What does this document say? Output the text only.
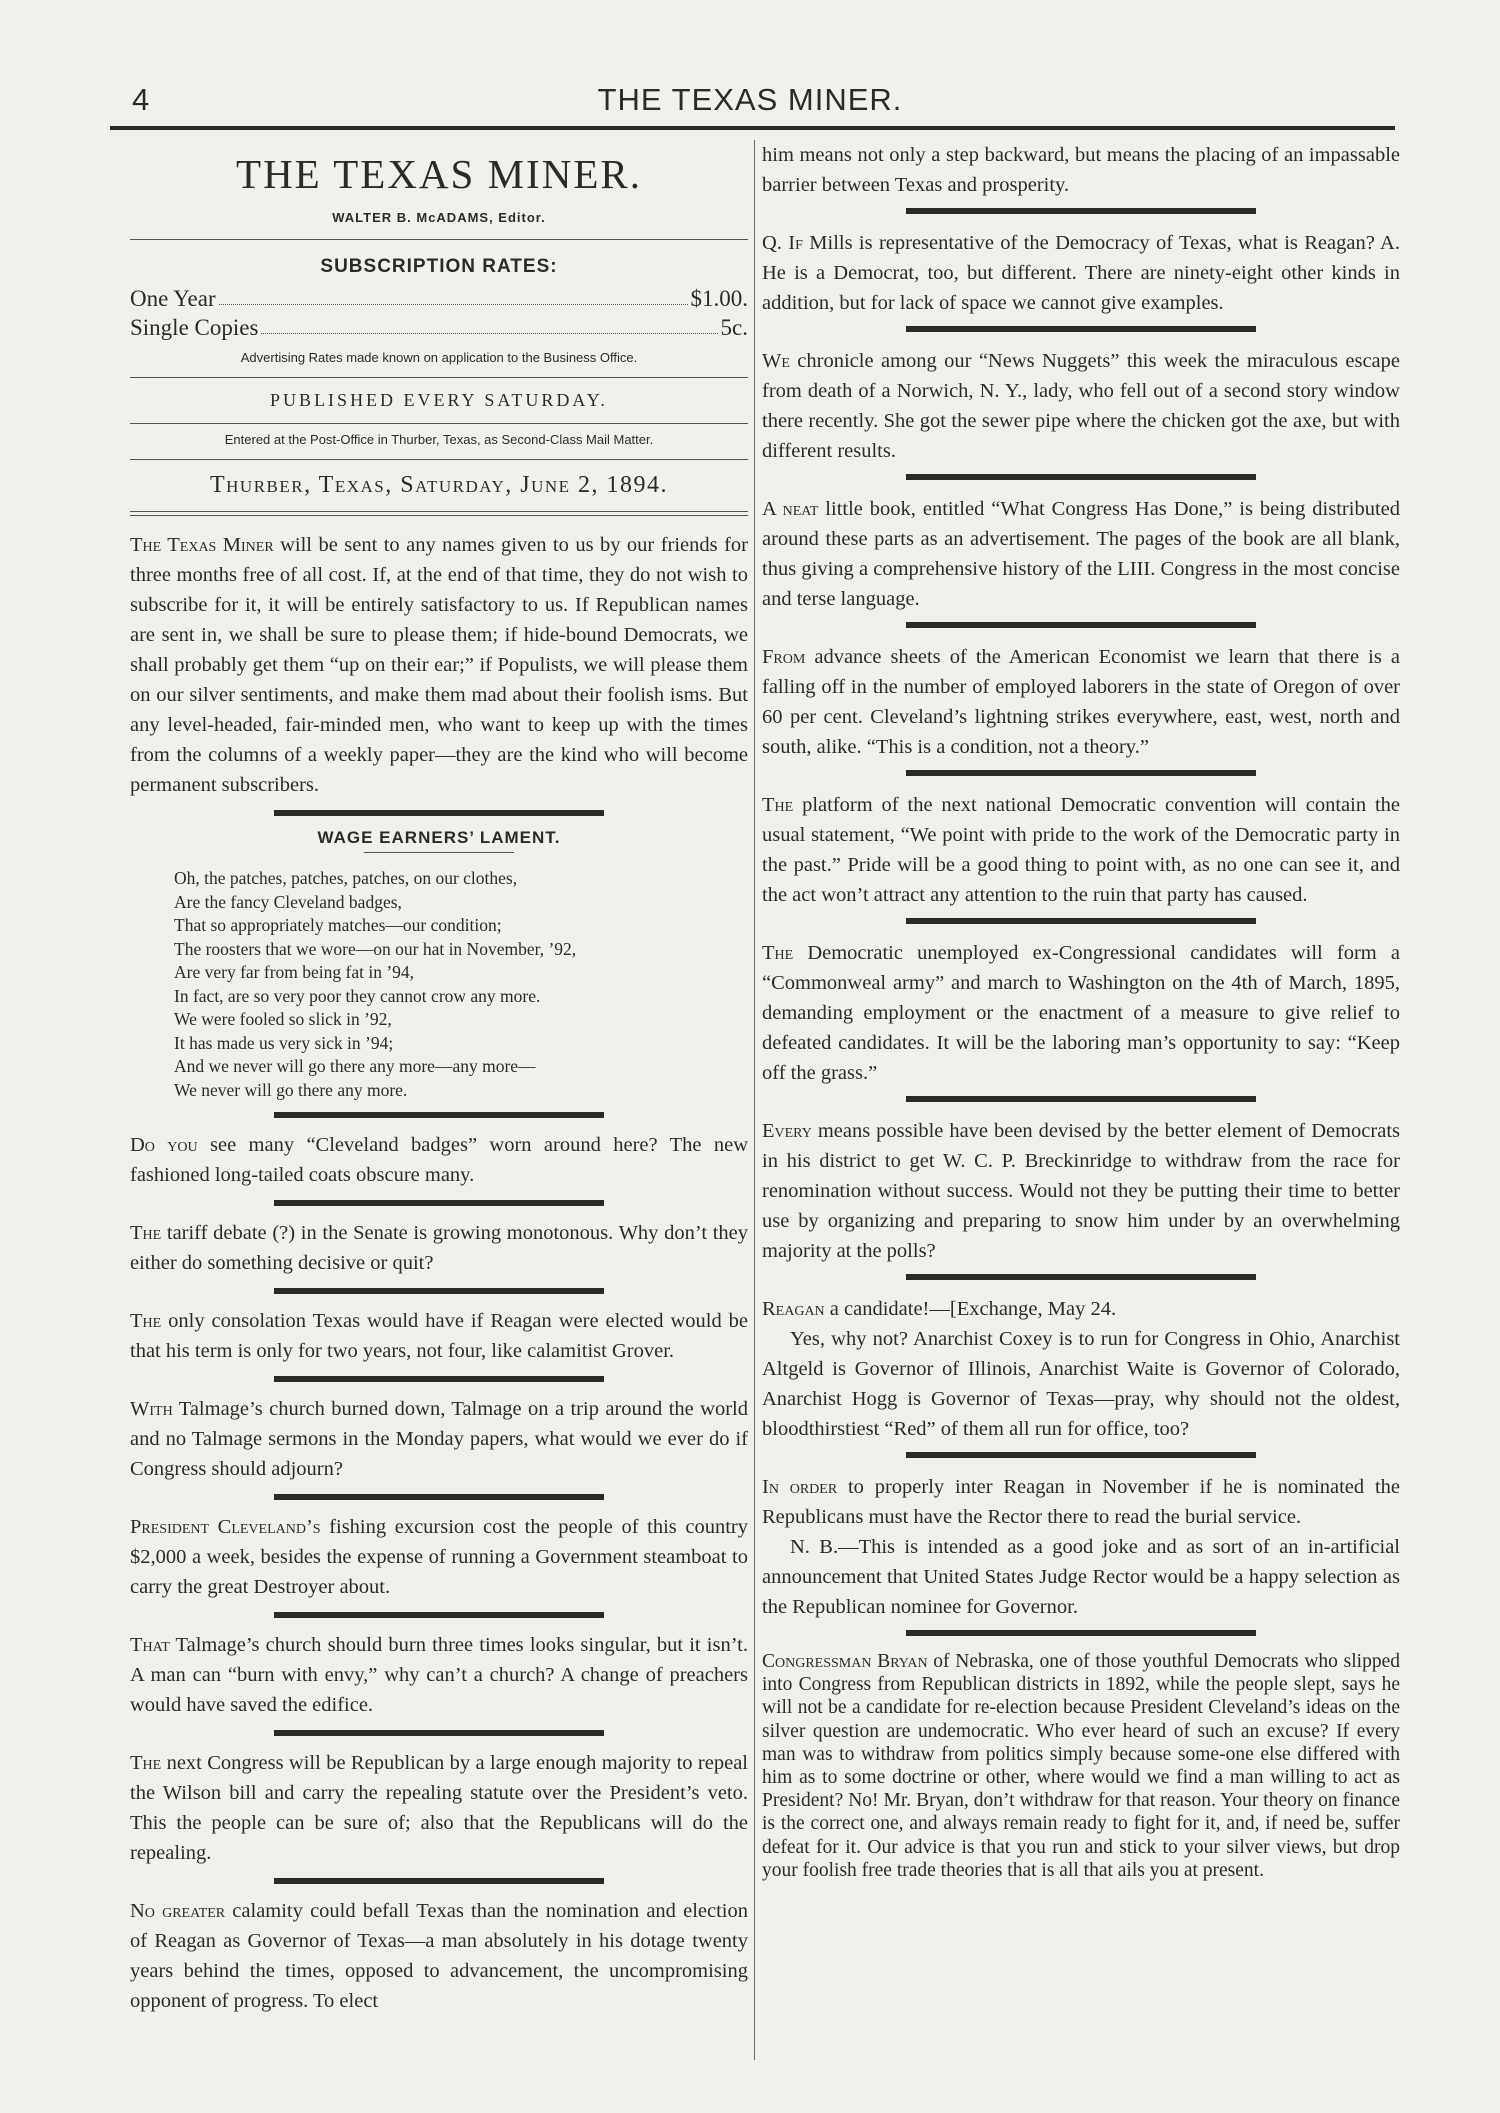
4	THE TEXAS MINER.
THE TEXAS MINER.
WALTER B. McADAMS, Editor.
SUBSCRIPTION RATES:
One Year	$1.00.
Single Copies	5c.
Advertising Rates made known on application to the Business Office.
PUBLISHED EVERY SATURDAY.
Entered at the Post-Office in Thurber, Texas, as Second-Class Mail Matter.
Thurber, Texas, Saturday, June 2, 1894.

The Texas Miner will be sent to any names given to us by our friends for three months free of all cost. If, at the end of that time, they do not wish to subscribe for it, it will be entirely satisfactory to us. If Republican names are sent in, we shall be sure to please them; if hide-bound Democrats, we shall probably get them “up on their ear;” if Populists, we will please them on our silver sentiments, and make them mad about their foolish isms. But any level-headed, fair-minded men, who want to keep up with the times from the columns of a weekly paper—they are the kind who will become permanent subscribers.

WAGE EARNERS’ LAMENT.
Oh, the patches, patches, patches, on our clothes,
Are the fancy Cleveland badges,
That so appropriately matches—our condition;
The roosters that we wore—on our hat in November, ’92,
Are very far from being fat in ’94,
In fact, are so very poor they cannot crow any more.
We were fooled so slick in ’92,
It has made us very sick in ’94;
And we never will go there any more—any more—
We never will go there any more.

Do you see many “Cleveland badges” worn around here? The new fashioned long-tailed coats obscure many.

The tariff debate (?) in the Senate is growing monotonous. Why don’t they either do something decisive or quit?

The only consolation Texas would have if Reagan were elected would be that his term is only for two years, not four, like calamitist Grover.

With Talmage’s church burned down, Talmage on a trip around the world and no Talmage sermons in the Monday papers, what would we ever do if Congress should adjourn?

President Cleveland’s fishing excursion cost the people of this country $2,000 a week, besides the expense of running a Government steamboat to carry the great Destroyer about.

That Talmage’s church should burn three times looks singular, but it isn’t. A man can “burn with envy,” why can’t a church? A change of preachers would have saved the edifice.

The next Congress will be Republican by a large enough majority to repeal the Wilson bill and carry the repealing statute over the President’s veto. This the people can be sure of; also that the Republicans will do the repealing.

No greater calamity could befall Texas than the nomination and election of Reagan as Governor of Texas—a man absolutely in his dotage twenty years behind the times, opposed to advancement, the uncompromising opponent of progress. To elect

him means not only a step backward, but means the placing of an impassable barrier between Texas and prosperity.

Q. If Mills is representative of the Democracy of Texas, what is Reagan? A. He is a Democrat, too, but different. There are ninety-eight other kinds in addition, but for lack of space we cannot give examples.

We chronicle among our “News Nuggets” this week the miraculous escape from death of a Norwich, N. Y., lady, who fell out of a second story window there recently. She got the sewer pipe where the chicken got the axe, but with different results.

A neat little book, entitled “What Congress Has Done,” is being distributed around these parts as an advertisement. The pages of the book are all blank, thus giving a comprehensive history of the LIII. Congress in the most concise and terse language.

From advance sheets of the American Economist we learn that there is a falling off in the number of employed laborers in the state of Oregon of over 60 per cent. Cleveland’s lightning strikes everywhere, east, west, north and south, alike. “This is a condition, not a theory.”

The platform of the next national Democratic convention will contain the usual statement, “We point with pride to the work of the Democratic party in the past.” Pride will be a good thing to point with, as no one can see it, and the act won’t attract any attention to the ruin that party has caused.

The Democratic unemployed ex-Congressional candidates will form a “Commonweal army” and march to Washington on the 4th of March, 1895, demanding employment or the enactment of a measure to give relief to defeated candidates. It will be the laboring man’s opportunity to say: “Keep off the grass.”

Every means possible have been devised by the better element of Democrats in his district to get W. C. P. Breckinridge to withdraw from the race for renomination without success. Would not they be putting their time to better use by organizing and preparing to snow him under by an overwhelming majority at the polls?

Reagan a candidate!—[Exchange, May 24.

Yes, why not? Anarchist Coxey is to run for Congress in Ohio, Anarchist Altgeld is Governor of Illinois, Anarchist Waite is Governor of Colorado, Anarchist Hogg is Governor of Texas—pray, why should not the oldest, bloodthirstiest “Red” of them all run for office, too?

In order to properly inter Reagan in November if he is nominated the Republicans must have the Rector there to read the burial service.

N. B.—This is intended as a good joke and as sort of an in-artificial announcement that United States Judge Rector would be a happy selection as the Republican nominee for Governor.

Congressman Bryan of Nebraska, one of those youthful Democrats who slipped into Congress from Republican districts in 1892, while the people slept, says he will not be a candidate for re-election because President Cleveland’s ideas on the silver question are undemocratic. Who ever heard of such an excuse? If every man was to withdraw from politics simply because some-one else differed with him as to some doctrine or other, where would we find a man willing to act as President? No! Mr. Bryan, don’t withdraw for that reason. Your theory on finance is the correct one, and always remain ready to fight for it, and, if need be, suffer defeat for it. Our advice is that you run and stick to your silver views, but drop your foolish free trade theories that is all that ails you at present.
